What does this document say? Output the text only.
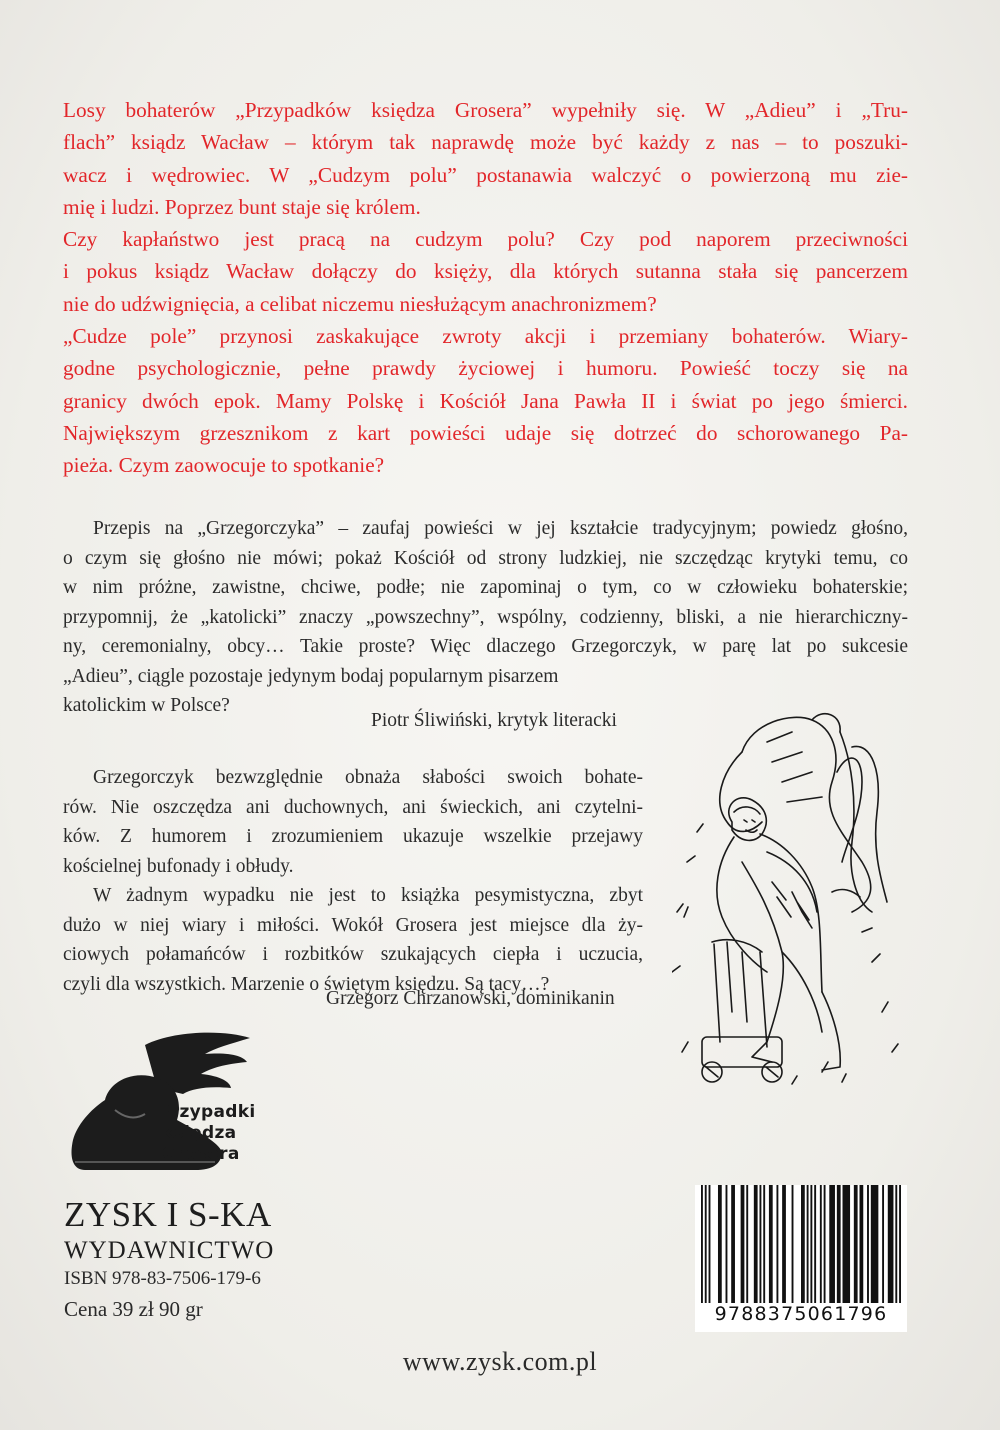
Losy bohaterów „Przypadków księdza Grosera” wypełniły się. W „Adieu” i „Tru-
flach” ksiądz Wacław – którym tak naprawdę może być każdy z nas – to poszuki-
wacz i wędrowiec. W „Cudzym polu” postanawia walczyć o powierzoną mu zie-
mię i ludzi. Poprzez bunt staje się królem.
Czy kapłaństwo jest pracą na cudzym polu? Czy pod naporem przeciwności
i pokus ksiądz Wacław dołączy do księży, dla których sutanna stała się pancerzem
nie do udźwignięcia, a celibat niczemu niesłużącym anachronizmem?
„Cudze pole” przynosi zaskakujące zwroty akcji i przemiany bohaterów. Wiary-
godne psychologicznie, pełne prawdy życiowej i humoru. Powieść toczy się na
granicy dwóch epok. Mamy Polskę i Kościół Jana Pawła II i świat po jego śmierci.
Największym grzesznikom z kart powieści udaje się dotrzeć do schorowanego Pa-
pieża. Czym zaowocuje to spotkanie?
Przepis na „Grzegorczyka” – zaufaj powieści w jej kształcie tradycyjnym; powiedz głośno,
o czym się głośno nie mówi; pokaż Kościół od strony ludzkiej, nie szczędząc krytyki temu, co
w nim próżne, zawistne, chciwe, podłe; nie zapominaj o tym, co w człowieku bohaterskie;
przypomnij, że „katolicki” znaczy „powszechny”, wspólny, codzienny, bliski, a nie hierarchiczny-
ny, ceremonialny, obcy… Takie proste? Więc dlaczego Grzegorczyk, w parę lat po sukcesie
„Adieu”, ciągle pozostaje jedynym bodaj popularnym pisarzem
katolickim w Polsce?
Piotr Śliwiński, krytyk literacki
Grzegorczyk bezwzględnie obnaża słabości swoich bohate-
rów. Nie oszczędza ani duchownych, ani świeckich, ani czytelni-
ków. Z humorem i zrozumieniem ukazuje wszelkie przejawy
kościelnej bufonady i obłudy.
W żadnym wypadku nie jest to książka pesymistyczna, zbyt
dużo w niej wiary i miłości. Wokół Grosera jest miejsce dla ży-
ciowych połamańców i rozbitków szukających ciepła i uczucia,
czyli dla wszystkich. Marzenie o świętym księdzu. Są tacy…?
Grzegorz Chrzanowski, dominikanin
Przypadki
księdza
Grosera
ZYSK I S-KA
WYDAWNICTWO
ISBN 978-83-7506-179-6
Cena 39 zł 90 gr
www.zysk.com.pl
9788375061796
